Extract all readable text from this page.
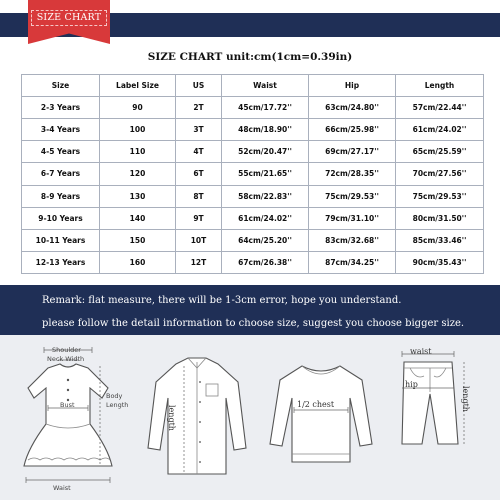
SIZE CHART
SIZE CHART unit:cm(1cm=0.39in)
Size	Label Size	US	Waist	Hip	Length
2-3 Years	90	2T	45cm/17.72''	63cm/24.80''	57cm/22.44''
3-4 Years	100	3T	48cm/18.90''	66cm/25.98''	61cm/24.02''
4-5 Years	110	4T	52cm/20.47''	69cm/27.17''	65cm/25.59''
6-7 Years	120	6T	55cm/21.65''	72cm/28.35''	70cm/27.56''
8-9 Years	130	8T	58cm/22.83''	75cm/29.53''	75cm/29.53''
9-10 Years	140	9T	61cm/24.02''	79cm/31.10''	80cm/31.50''
10-11 Years	150	10T	64cm/25.20''	83cm/32.68''	85cm/33.46''
12-13 Years	160	12T	67cm/26.38''	87cm/34.25''	90cm/35.43''
Remark: flat measure, there will be 1-3cm error, hope you understand.
please follow the detail information to choose size, suggest you choose bigger size.
Shoulder
Neck Width
Bust
Body
Length
Waist
length
1/2 chest
waist
hip
length
